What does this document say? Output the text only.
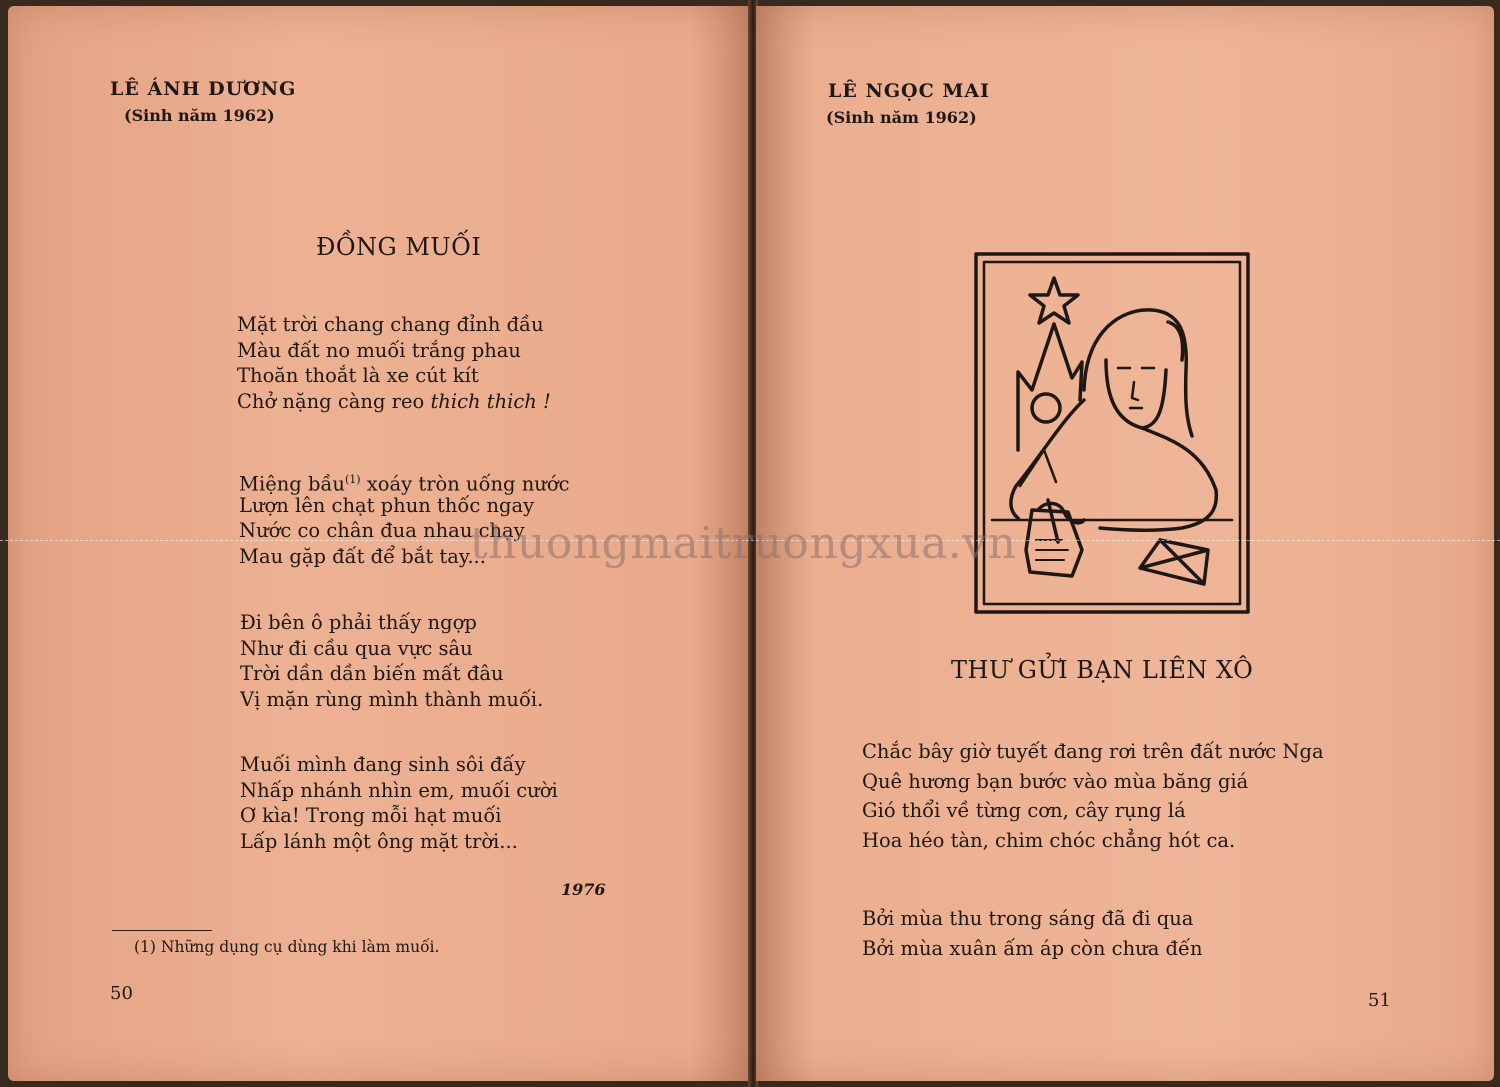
LÊ ÁNH DƯƠNG
(Sinh năm 1962)
ĐỒNG MUỐI
Mặt trời chang chang đỉnh đầu
Màu đất no muối trắng phau
Thoăn thoắt là xe cút kít
Chở nặng càng reo thich thich !
Miệng bầu$^{(1)}$ xoáy tròn uống nước
Lượn lên chạt phun thốc ngay
Nước co chân đua nhau chạy
Mau gặp đất để bắt tay...
Đi bên ô phải thấy ngợp
Như đi cầu qua vực sâu
Trời dần dần biến mất đâu
Vị mặn rùng mình thành muối.
Muối mình đang sinh sôi đấy
Nhấp nhánh nhìn em, muối cười
Ơ kìa! Trong mỗi hạt muối
Lấp lánh một ông mặt trời...
1976
(1) Những dụng cụ dùng khi làm muối.
50
LÊ NGỌC MAI
(Sinh năm 1962)
THƯ GỬI BẠN LIÊN XÔ
Chắc bây giờ tuyết đang rơi trên đất nước Nga
Quê hương bạn bước vào mùa băng giá
Gió thổi về từng cơn, cây rụng lá
Hoa héo tàn, chim chóc chẳng hót ca.
Bởi mùa thu trong sáng đã đi qua
Bởi mùa xuân ấm áp còn chưa đến
51
thuongmaitruongxua.vn
